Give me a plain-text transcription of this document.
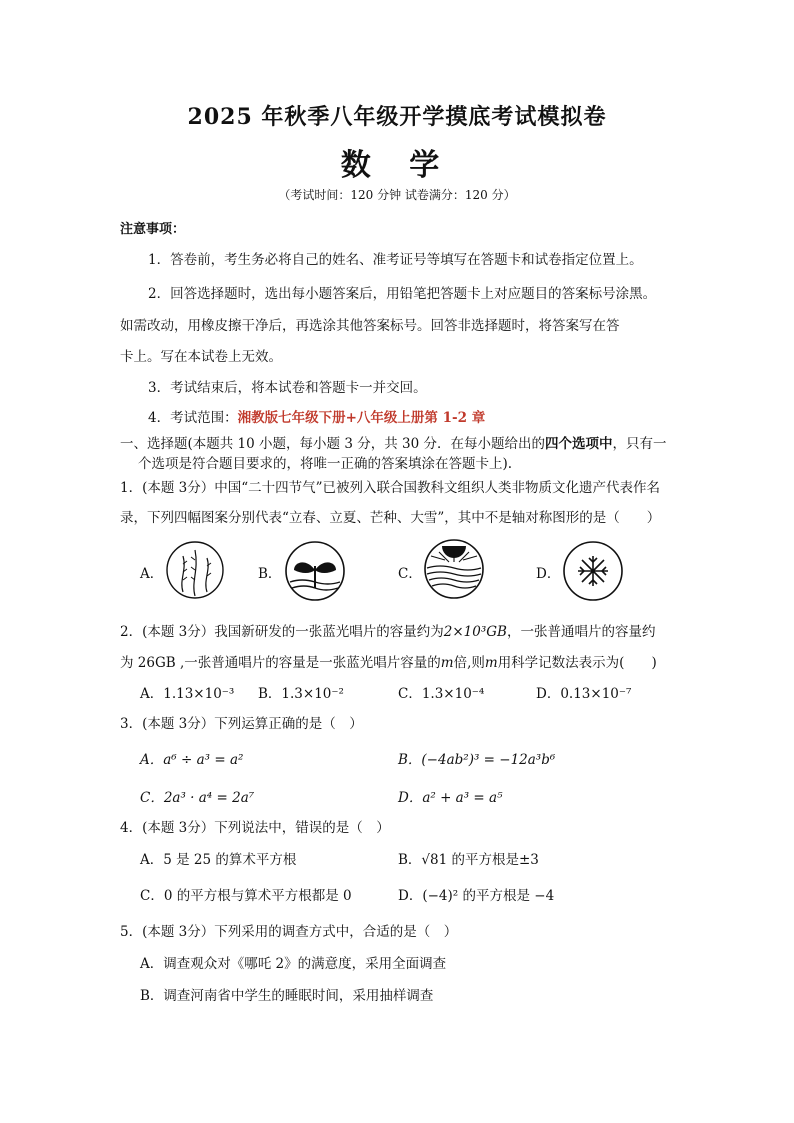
2025 年秋季八年级开学摸底考试模拟卷
数 学
（考试时间：120 分钟 试卷满分：120 分）
注意事项：
1．答卷前，考生务必将自己的姓名、准考证号等填写在答题卡和试卷指定位置上。
2．回答选择题时，选出每小题答案后，用铅笔把答题卡上对应题目的答案标号涂黑。
如需改动，用橡皮擦干净后，再选涂其他答案标号。回答非选择题时，将答案写在答
卡上。写在本试卷上无效。
3．考试结束后，将本试卷和答题卡一并交回。
4．考试范围：湘教版七年级下册+八年级上册第 1-2 章
一、选择题(本题共 10 小题，每小题 3 分，共 30 分．在每小题给出的四个选项中，只有一
个选项是符合题目要求的，将唯一正确的答案填涂在答题卡上).
1．(本题 3分）中国“二十四节气”已被列入联合国教科文组织人类非物质文化遗产代表作名
录，下列四幅图案分别代表“立春、立夏、芒种、大雪”，其中不是轴对称图形的是（　　）
A．	B．	C．	D．
2．(本题 3分）我国新研发的一张蓝光唱片的容量约为2×10³GB，一张普通唱片的容量约
为 26GB ,一张普通唱片的容量是一张蓝光唱片容量的m倍,则m用科学记数法表示为(　　)
A．1.13×10⁻³ B．1.3×10⁻²	C．1.3×10⁻⁴	D．0.13×10⁻⁷
3．(本题 3分）下列运算正确的是（　）
A．a⁶ ÷ a³ = a²	B．(−4ab²)³ = −12a³b⁶
C．2a³ · a⁴ = 2a⁷	D．a² + a³ = a⁵
4．(本题 3分）下列说法中，错误的是（　）
A．5 是 25 的算术平方根	B．√81 的平方根是±3
C．0 的平方根与算术平方根都是 0	D．(−4)² 的平方根是 −4
5．(本题 3分）下列采用的调查方式中，合适的是（　）
A．调查观众对《哪吒 2》的满意度，采用全面调查
B．调查河南省中学生的睡眠时间，采用抽样调查
